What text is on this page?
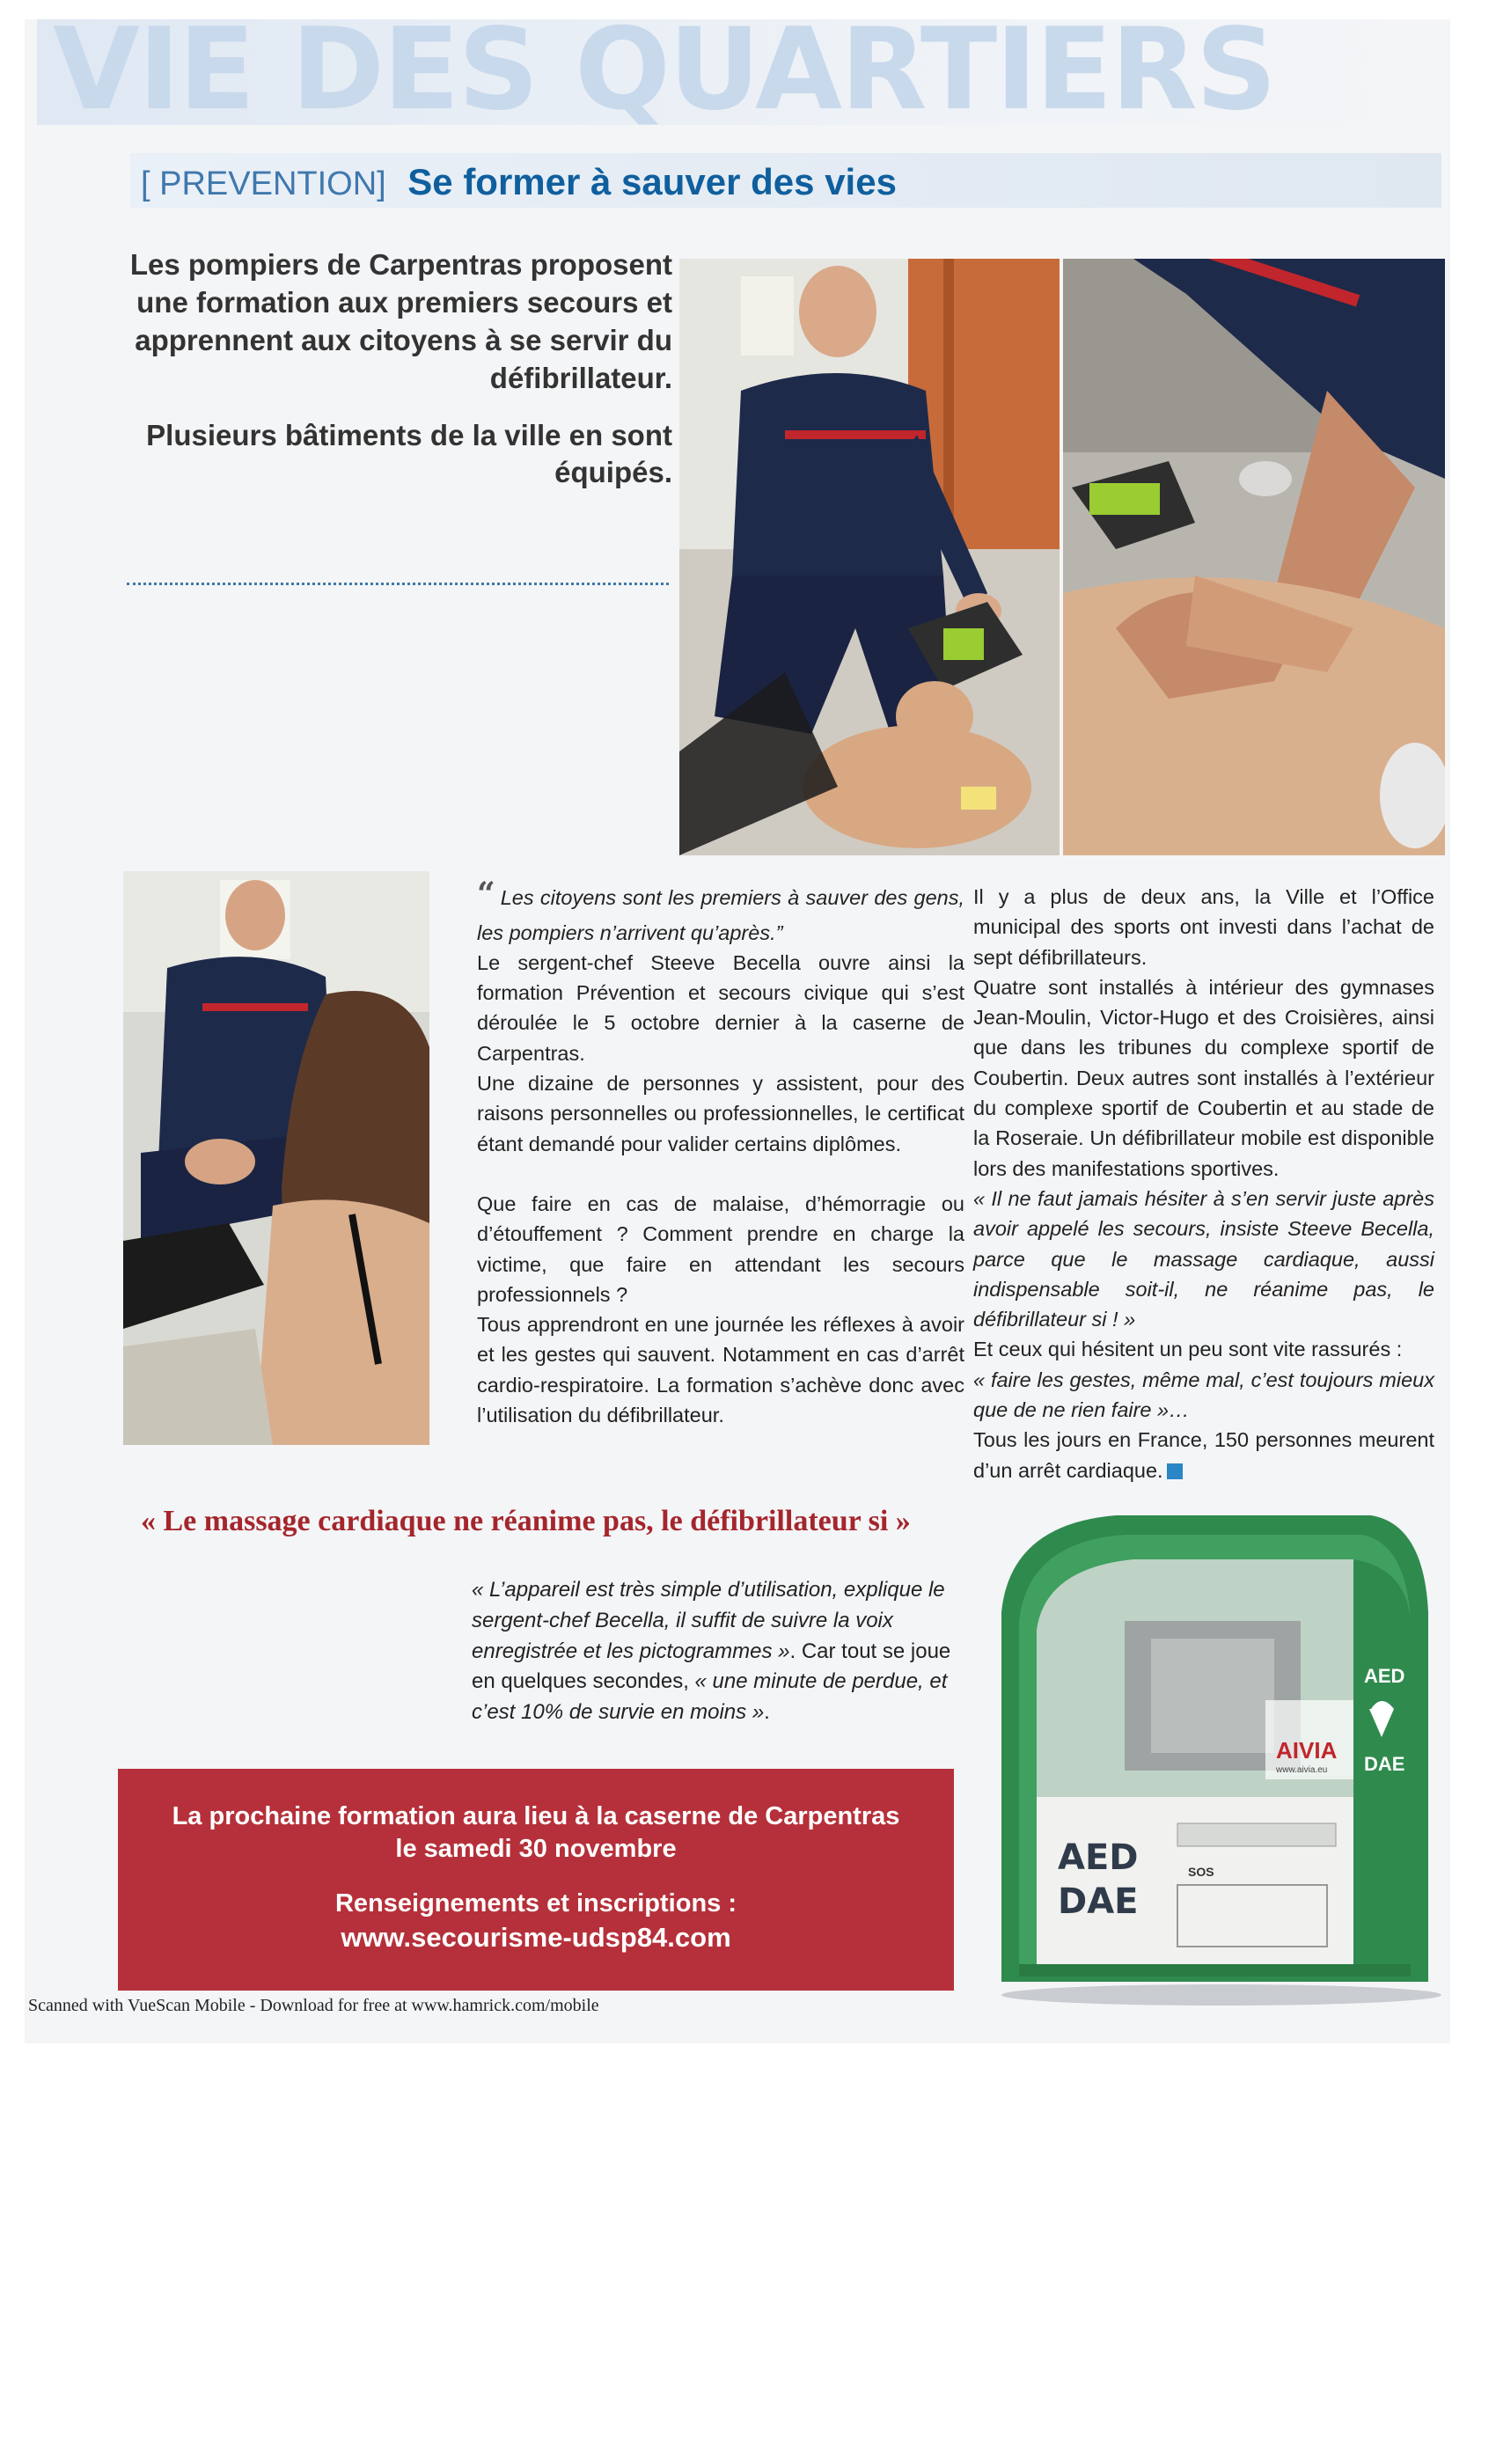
VIE DES QUARTIERS
[ PREVENTION] Se former à sauver des vies

Les pompiers de Carpentras proposent une formation aux premiers secours et apprennent aux citoyens à se servir du défibrillateur.

Plusieurs bâtiments de la ville en sont équipés.

“ Les citoyens sont les premiers à sauver des gens, les pompiers n’arrivent qu’après.”

Le sergent-chef Steeve Becella ouvre ainsi la formation Prévention et secours civique qui s’est déroulée le 5 octobre dernier à la caserne de Carpentras.

Une dizaine de personnes y assistent, pour des raisons personnelles ou professionnelles, le certificat étant demandé pour valider certains diplômes.

Que faire en cas de malaise, d’hémorragie ou d’étouffement ? Comment prendre en charge la victime, que faire en attendant les secours professionnels ?

Tous apprendront en une journée les réflexes à avoir et les gestes qui sauvent. Notamment en cas d’arrêt cardio-respiratoire. La formation s’achève donc avec l’utilisation du défibrillateur.

Il y a plus de deux ans, la Ville et l’Office municipal des sports ont investi dans l’achat de sept défibrillateurs.

Quatre sont installés à intérieur des gymnases Jean-Moulin, Victor-Hugo et des Croisières, ainsi que dans les tribunes du complexe sportif de Coubertin. Deux autres sont installés à l’extérieur du complexe sportif de Coubertin et au stade de la Roseraie. Un défibrillateur mobile est disponible lors des manifestations sportives.

« Il ne faut jamais hésiter à s’en servir juste après avoir appelé les secours, insiste Steeve Becella, parce que le massage cardiaque, aussi indispensable soit-il, ne réanime pas, le défibrillateur si ! »

Et ceux qui hésitent un peu sont vite rassurés :
« faire les gestes, même mal, c’est toujours mieux que de ne rien faire »…

Tous les jours en France, 150 personnes meurent d’un arrêt cardiaque.

« Le massage cardiaque ne réanime pas, le défibrillateur si »
« L’appareil est très simple d’utilisation, explique le sergent-chef Becella, il suffit de suivre la voix enregistrée et les pictogrammes ». Car tout se joue en quelques secondes, « une minute de perdue, et c’est 10% de survie en moins ».
La prochaine formation aura lieu à la caserne de Carpentras
le samedi 30 novembre
Renseignements et inscriptions :
www.secourisme-udsp84.com
AIVIA
www.aivia.eu
AED
DAE
AED
DAE
SOS
Scanned with VueScan Mobile - Download for free at www.hamrick.com/mobile
